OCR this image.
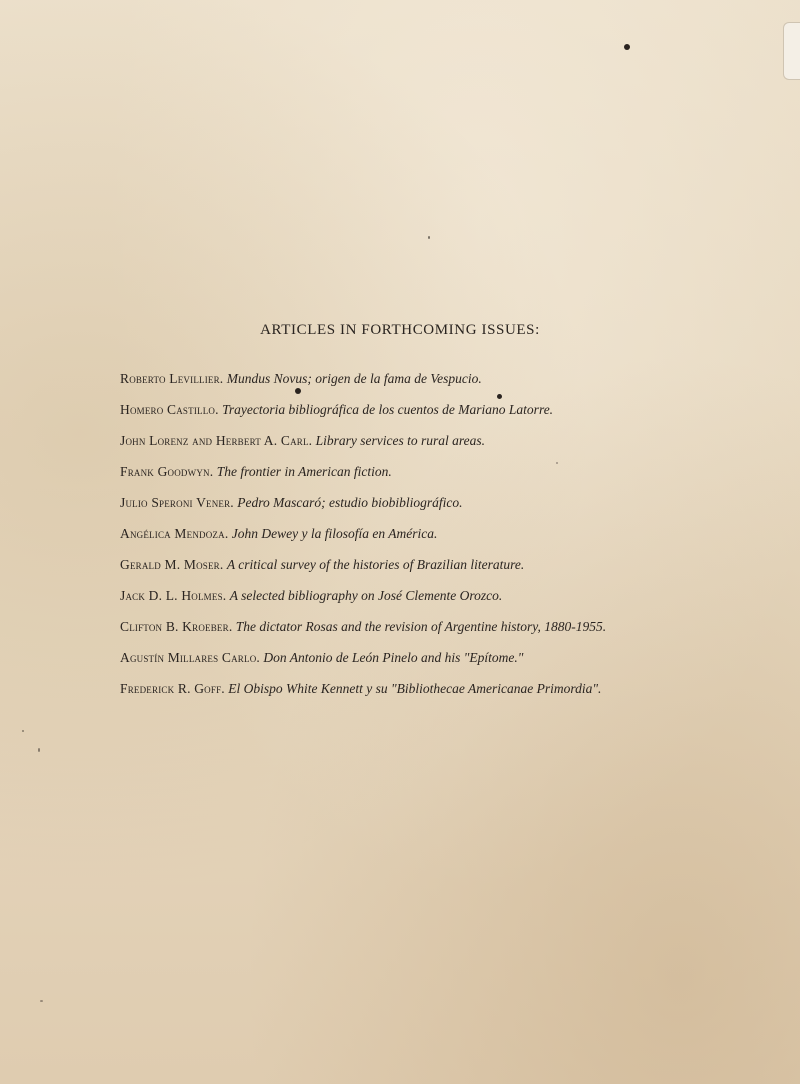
ARTICLES IN FORTHCOMING ISSUES:
Roberto Levillier. Mundus Novus; origen de la fama de Vespucio.
Homero Castillo. Trayectoria bibliográfica de los cuentos de Mariano Latorre.
John Lorenz and Herbert A. Carl. Library services to rural areas.
Frank Goodwyn. The frontier in American fiction.
Julio Speroni Vener. Pedro Mascaró; estudio biobibliográfico.
Angélica Mendoza. John Dewey y la filosofía en América.
Gerald M. Moser. A critical survey of the histories of Brazilian literature.
Jack D. L. Holmes. A selected bibliography on José Clemente Orozco.
Clifton B. Kroeber. The dictator Rosas and the revision of Argentine history, 1880-1955.
Agustín Millares Carlo. Don Antonio de León Pinelo and his "Epítome."
Frederick R. Goff. El Obispo White Kennett y su "Bibliothecae Americanae Primordia".
